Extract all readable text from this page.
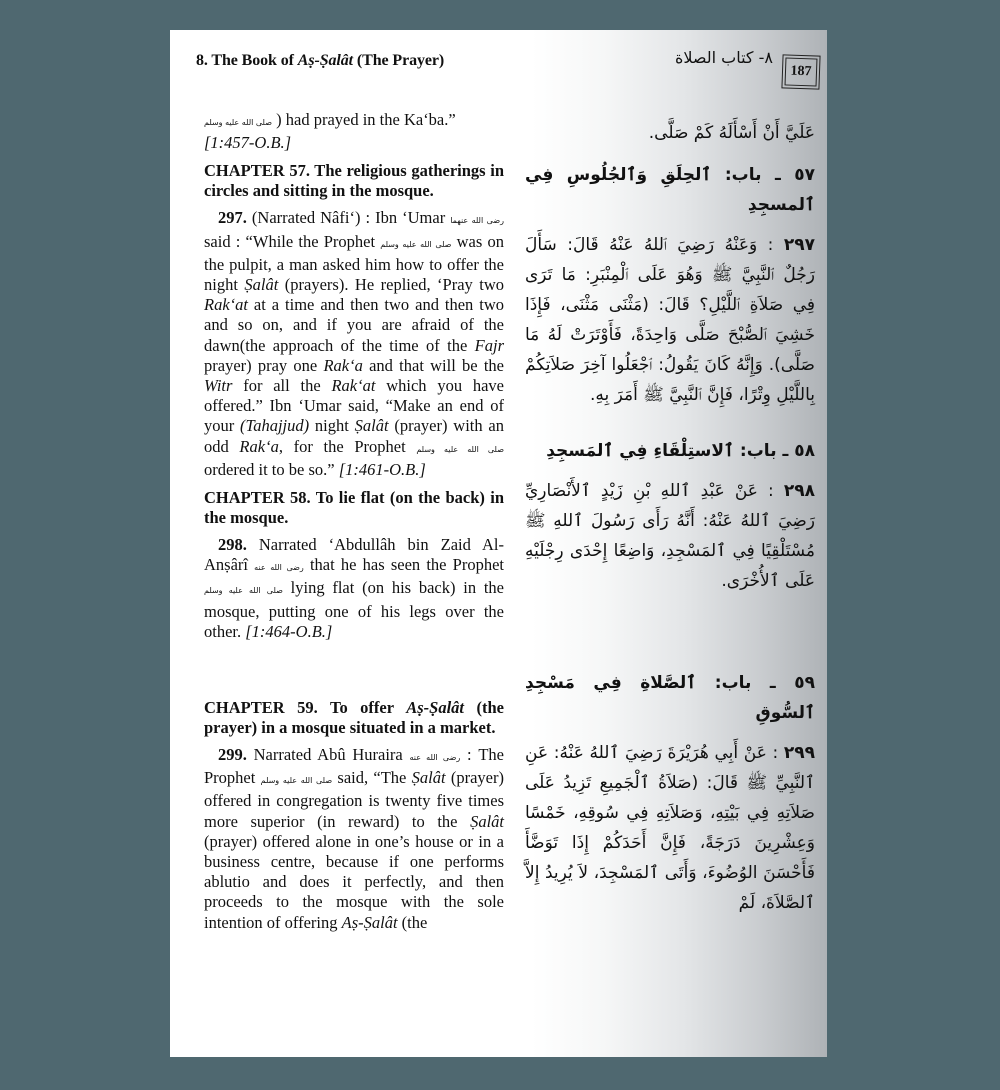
8. The Book of Aṣ-Ṣalât (The Prayer)	٨- كتاب الصلاة
187

صلى الله عليه وسلم ) had prayed in the Ka‘ba.”
[1:457-O.B.]

CHAPTER 57. The religious gatherings in circles and sitting in the mosque.

297. (Narrated Nâfi‘) : Ibn ‘Umar رضى الله عنهما said : “While the Prophet صلى الله عليه وسلم was on the pulpit, a man asked him how to offer the night Ṣalât (prayers). He replied, ‘Pray two Rak‘at at a time and then two and then two and so on, and if you are afraid of the dawn(the approach of the time of the Fajr prayer) pray one Rak‘a and that will be the Witr for all the Rak‘at which you have offered.” Ibn ‘Umar said, “Make an end of your (Tahajjud) night Ṣalât (prayer) with an odd Rak‘a, for the Prophet صلى الله عليه وسلم ordered it to be so.” [1:461-O.B.]

CHAPTER 58. To lie flat (on the back) in the mosque.

298. Narrated ‘Abdullâh bin Zaid Al-Anṣârî رضى الله عنه that he has seen the Prophet صلى الله عليه وسلم lying flat (on his back) in the mosque, putting one of his legs over the other. [1:464-O.B.]

CHAPTER 59. To offer Aṣ-Ṣalât (the prayer) in a mosque situated in a market.

299. Narrated Abû Huraira رضى الله عنه : The Prophet صلى الله عليه وسلم said, “The Ṣalât (prayer) offered in congregation is twenty five times more superior (in reward) to the Ṣalât (prayer) offered alone in one’s house or in a business centre, because if one performs ablutio and does it perfectly, and then proceeds to the mosque with the sole intention of offering Aṣ-Ṣalât (the

عَلَيَّ أَنْ أَسْأَلَهُ كَمْ صَلَّى.

٥٧ ـ باب: ٱلحِلَقِ وَٱلجُلُوسِ فِي ٱلمسجِدِ

٢٩٧ : وَعَنْهُ رَضِيَ ٱللهُ عَنْهُ قَالَ: سَأَلَ رَجُلٌ ٱلنَّبِيَّ ﷺ وَهُوَ عَلَى ٱلْمِنْبَرِ: مَا تَرَى فِي صَلاَةِ ٱللَّيْلِ؟ قَالَ: (مَثْنَى مَثْنَى، فَإِذَا خَشِيَ ٱلصُّبْحَ صَلَّى وَاحِدَةً، فَأَوْتَرَتْ لَهُ مَا صَلَّى). وَإِنَّهُ كَانَ يَقُولُ: ٱجْعَلُوا آخِرَ صَلاَتِكُمْ بِاللَّيْلِ وِتْرًا، فَإِنَّ ٱلنَّبِيَّ ﷺ أَمَرَ بِهِ.

٥٨ ـ باب: ٱلاستِلْقَاءِ فِي ٱلمَسجِدِ

٢٩٨ : عَنْ عَبْدِ ٱللهِ بْنِ زَيْدٍ ٱلأَنْصَارِيِّ رَضِيَ ٱللهُ عَنْهُ: أَنَّهُ رَأَى رَسُولَ ٱللهِ ﷺ مُسْتَلْقِيًا فِي ٱلمَسْجِدِ، وَاضِعًا إِحْدَى رِجْلَيْهِ عَلَى ٱلأُخْرَى.

٥٩ ـ باب: ٱلصَّلاةِ فِي مَسْجِدِ ٱلسُّوقِ

٢٩٩ : عَنْ أَبِي هُرَيْرَةَ رَضِيَ ٱللهُ عَنْهُ: عَنِ ٱلنَّبِيِّ ﷺ قَالَ: (صَلاَةُ ٱلْجَمِيعِ تَزِيدُ عَلَى صَلاَتِهِ فِي بَيْتِهِ، وَصَلاَتِهِ فِي سُوقِهِ، خَمْسًا وَعِشْرِينَ دَرَجَةً، فَإِنَّ أَحَدَكُمْ إِذَا تَوَضَّأَ فَأَحْسَنَ الوُضُوءَ، وَأَتَى ٱلمَسْجِدَ، لاَ يُرِيدُ إِلاَّ ٱلصَّلاَةَ، لَمْ
